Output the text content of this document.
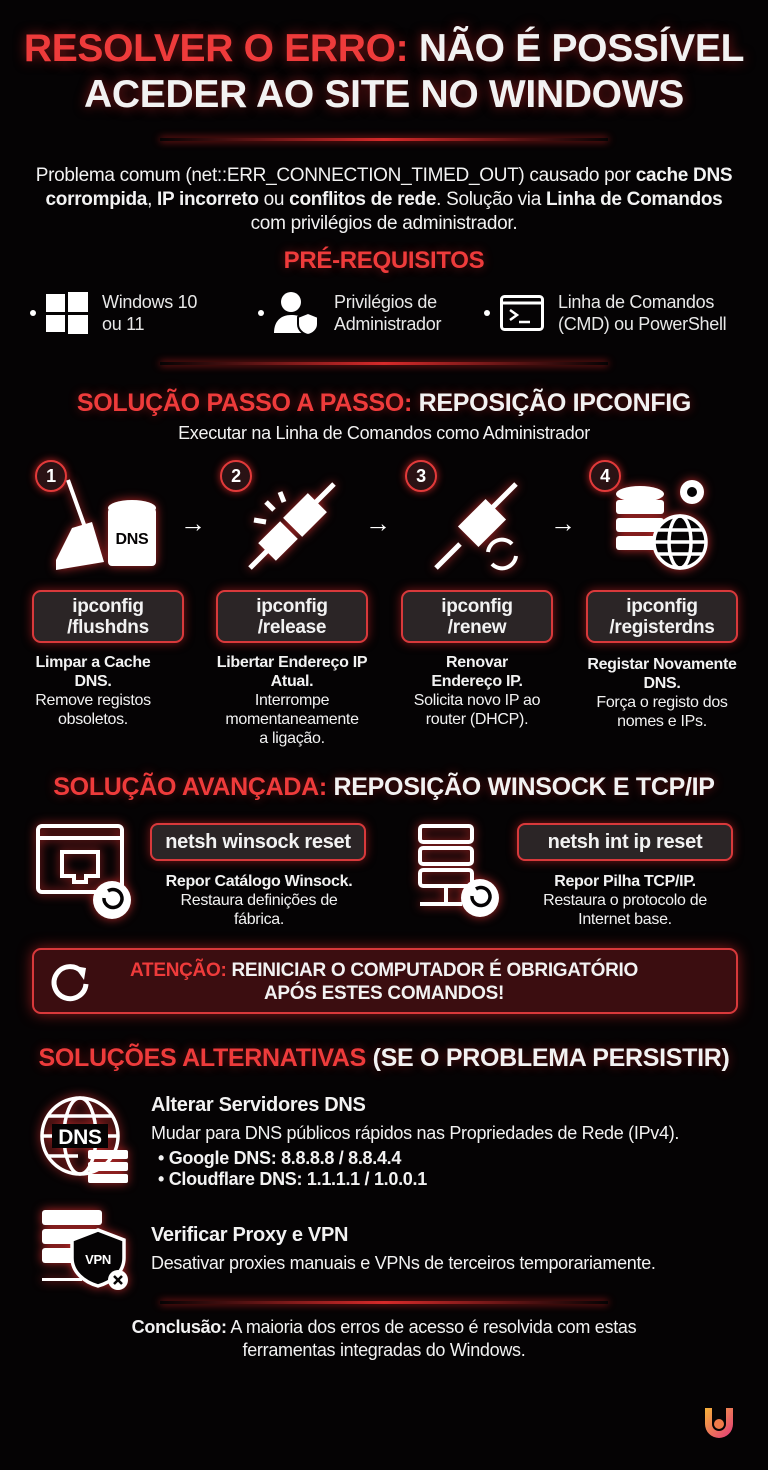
RESOLVER O ERRO: NÃO É POSSÍVEL
ACEDER AO SITE NO WINDOWS
Problema comum (net::ERR_CONNECTION_TIMED_OUT) causado por cache DNS corrompida, IP incorreto ou conflitos de rede. Solução via Linha de Comandos com privilégios de administrador.
PRÉ-REQUISITOS
Windows 10
ou 11
Privilégios de
Administrador
Linha de Comandos
(CMD) ou PowerShell
SOLUÇÃO PASSO A PASSO: REPOSIÇÃO IPCONFIG
Executar na Linha de Comandos como Administrador
1	2	3	4
→	→	→
DNS
ipconfig
/flushdns
ipconfig
/release
ipconfig
/renew
ipconfig
/registerdns
Limpar a Cache DNS.
Remove registos obsoletos.
Libertar Endereço IP Atual.
Interrompe momentaneamente a ligação.
Renovar Endereço IP.
Solicita novo IP ao router (DHCP).
Registar Novamente DNS.
Força o registo dos nomes e IPs.
SOLUÇÃO AVANÇADA: REPOSIÇÃO WINSOCK E TCP/IP
netsh winsock reset
Repor Catálogo Winsock.
Restaura definições de fábrica.
netsh int ip reset
Repor Pilha TCP/IP.
Restaura o protocolo de Internet base.
ATENÇÃO: REINICIAR O COMPUTADOR É OBRIGATÓRIO
APÓS ESTES COMANDOS!
SOLUÇÕES ALTERNATIVAS (SE O PROBLEMA PERSISTIR)
DNS
Alterar Servidores DNS
Mudar para DNS públicos rápidos nas Propriedades de Rede (IPv4).
• Google DNS: 8.8.8.8 / 8.8.4.4
• Cloudflare DNS: 1.1.1.1 / 1.0.0.1
VPN
Verificar Proxy e VPN
Desativar proxies manuais e VPNs de terceiros temporariamente.
Conclusão: A maioria dos erros de acesso é resolvida com estas
ferramentas integradas do Windows.
